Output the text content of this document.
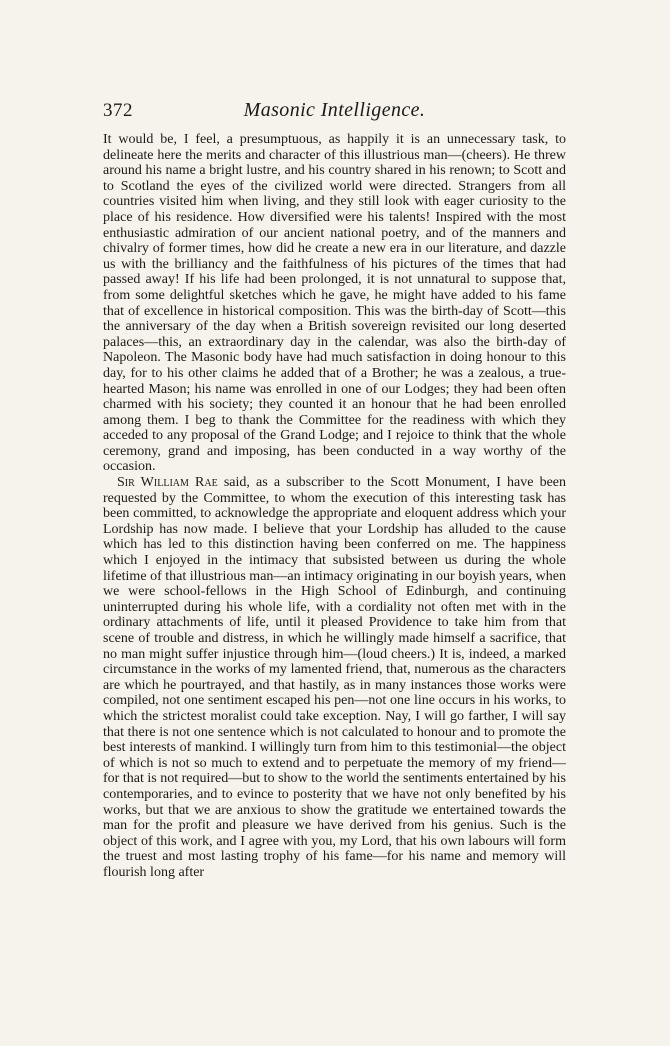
372	Masonic Intelligence.

It would be, I feel, a presumptuous, as happily it is an unnecessary task, to delineate here the merits and character of this illustrious man—(cheers). He threw around his name a bright lustre, and his country shared in his renown; to Scott and to Scotland the eyes of the civilized world were directed. Strangers from all countries visited him when living, and they still look with eager curiosity to the place of his residence. How diversified were his talents! Inspired with the most enthusiastic admiration of our ancient national poetry, and of the manners and chivalry of former times, how did he create a new era in our literature, and dazzle us with the brilliancy and the faithfulness of his pictures of the times that had passed away! If his life had been prolonged, it is not unnatural to suppose that, from some delightful sketches which he gave, he might have added to his fame that of excellence in historical composition. This was the birth-day of Scott—this the anniversary of the day when a British sovereign revisited our long deserted palaces—this, an extraordinary day in the calendar, was also the birth-day of Napoleon. The Masonic body have had much satisfaction in doing honour to this day, for to his other claims he added that of a Brother; he was a zealous, a true-hearted Mason; his name was enrolled in one of our Lodges; they had been often charmed with his society; they counted it an honour that he had been enrolled among them. I beg to thank the Committee for the readiness with which they acceded to any proposal of the Grand Lodge; and I rejoice to think that the whole ceremony, grand and imposing, has been conducted in a way worthy of the occasion.

Sir William Rae said, as a subscriber to the Scott Monument, I have been requested by the Committee, to whom the execution of this interesting task has been committed, to acknowledge the appropriate and eloquent address which your Lordship has now made. I believe that your Lordship has alluded to the cause which has led to this distinction having been conferred on me. The happiness which I enjoyed in the intimacy that subsisted between us during the whole lifetime of that illustrious man—an intimacy originating in our boyish years, when we were school-fellows in the High School of Edinburgh, and continuing uninterrupted during his whole life, with a cordiality not often met with in the ordinary attachments of life, until it pleased Providence to take him from that scene of trouble and distress, in which he willingly made himself a sacrifice, that no man might suffer injustice through him—(loud cheers.) It is, indeed, a marked circumstance in the works of my lamented friend, that, numerous as the characters are which he pourtrayed, and that hastily, as in many instances those works were compiled, not one sentiment escaped his pen—not one line occurs in his works, to which the strictest moralist could take exception. Nay, I will go farther, I will say that there is not one sentence which is not calculated to honour and to promote the best interests of mankind. I willingly turn from him to this testimonial—the object of which is not so much to extend and to perpetuate the memory of my friend—for that is not required—but to show to the world the sentiments entertained by his contemporaries, and to evince to posterity that we have not only benefited by his works, but that we are anxious to show the gratitude we entertained towards the man for the profit and pleasure we have derived from his genius. Such is the object of this work, and I agree with you, my Lord, that his own labours will form the truest and most lasting trophy of his fame—for his name and memory will flourish long after
